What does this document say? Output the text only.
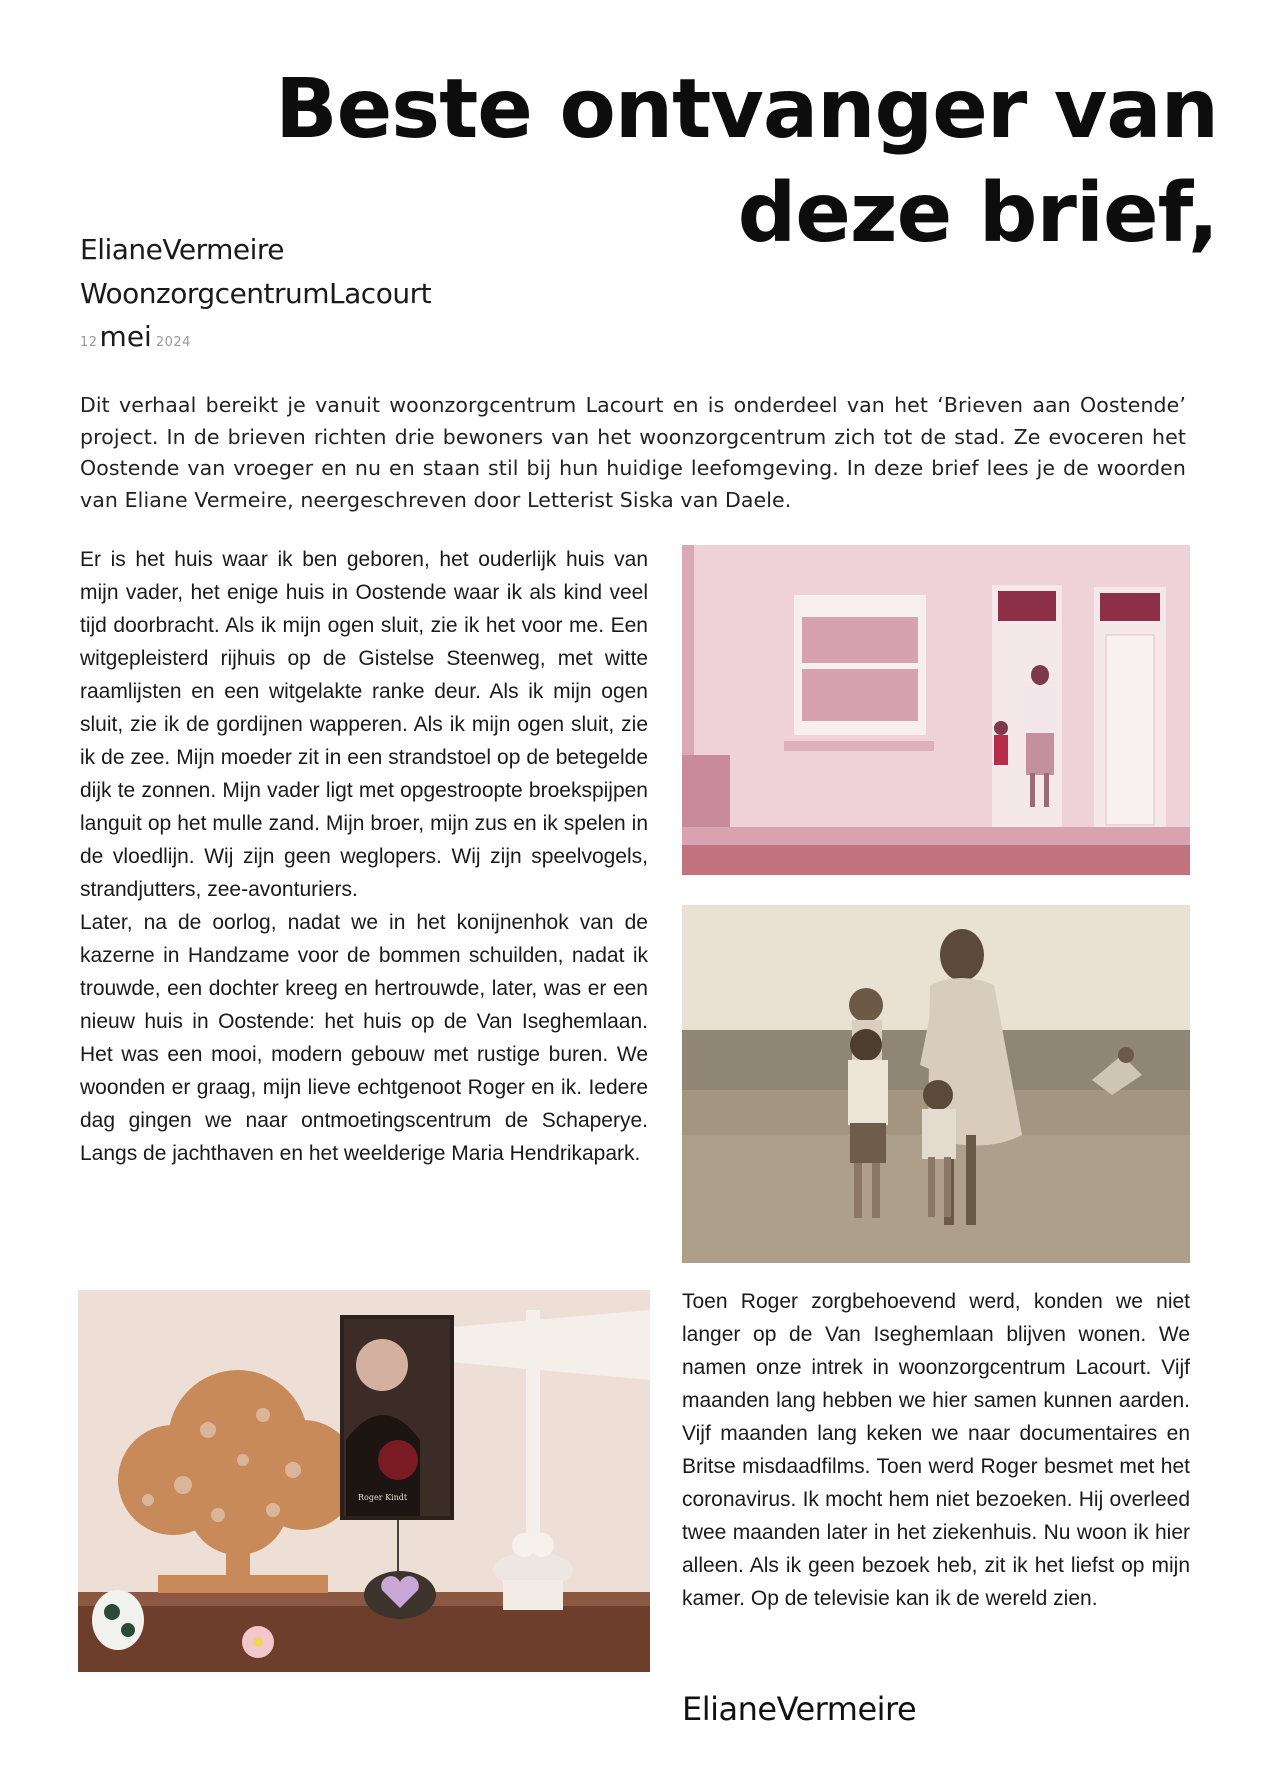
Beste ontvanger van
deze brief,
ElianeVermeire
WoonzorgcentrumLacourt
12mei 2024

Dit verhaal bereikt je vanuit woonzorgcentrum Lacourt en is onderdeel van het ‘Brieven aan Oostende’ project. In de brieven richten drie bewoners van het woonzorgcentrum zich tot de stad. Ze evoceren het Oostende van vroeger en nu en staan stil bij hun huidige leefomgeving. In deze brief lees je de woorden van Eliane Vermeire, neergeschreven door Letterist Siska van Daele.

Er is het huis waar ik ben geboren, het ouderlijk huis van mijn vader, het enige huis in Oostende waar ik als kind veel tijd doorbracht. Als ik mijn ogen sluit, zie ik het voor me. Een witgepleisterd rijhuis op de Gistelse Steenweg, met witte raamlijsten en een witgelakte ranke deur. Als ik mijn ogen sluit, zie ik de gordijnen wapperen. Als ik mijn ogen sluit, zie ik de zee. Mijn moeder zit in een strandstoel op de betegelde dijk te zonnen. Mijn vader ligt met opgestroopte broekspijpen languit op het mulle zand. Mijn broer, mijn zus en ik spelen in de vloedlijn. Wij zijn geen weglopers. Wij zijn speelvogels, strandjutters, zee-avonturiers.

Later, na de oorlog, nadat we in het konijnenhok van de kazerne in Handzame voor de bommen schuilden, nadat ik trouwde, een dochter kreeg en hertrouwde, later, was er een nieuw huis in Oostende: het huis op de Van Iseghemlaan. Het was een mooi, modern gebouw met rustige buren. We woonden er graag, mijn lieve echtgenoot Roger en ik. Iedere dag gingen we naar ontmoetingscentrum de Schaperye. Langs de jachthaven en het weelderige Maria Hendrikapark.

Toen Roger zorgbehoevend werd, konden we niet langer op de Van Iseghemlaan blijven wonen. We namen onze intrek in woonzorgcentrum Lacourt. Vijf maanden lang hebben we hier samen kunnen aarden. Vijf maanden lang keken we naar documentaires en Britse misdaadfilms. Toen werd Roger besmet met het coronavirus. Ik mocht hem niet bezoeken. Hij overleed twee maanden later in het ziekenhuis. Nu woon ik hier alleen. Als ik geen bezoek heb, zit ik het liefst op mijn kamer. Op de televisie kan ik de wereld zien.

ElianeVermeire
Roger Kindt
